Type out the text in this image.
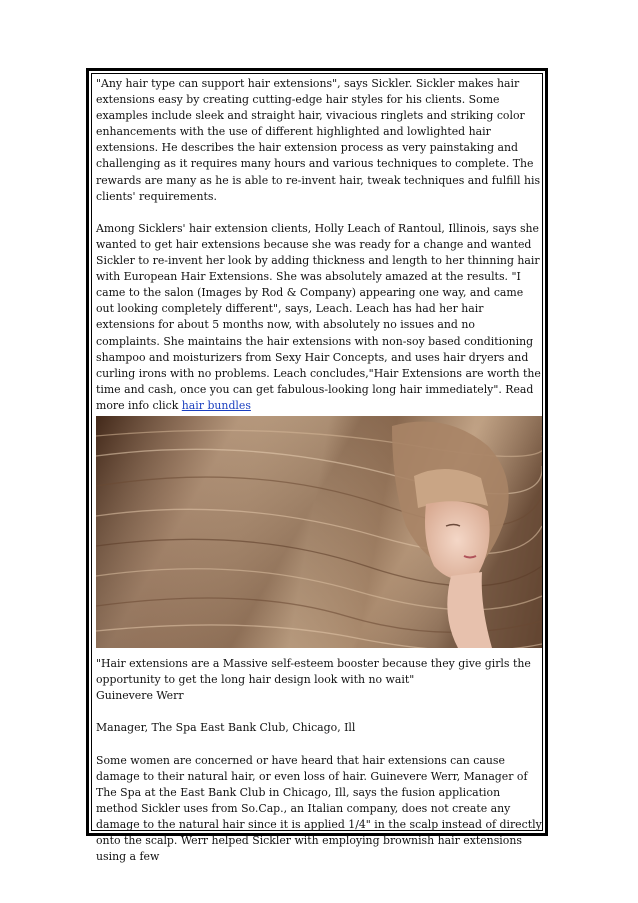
"Any hair type can support hair extensions", says Sickler. Sickler makes hair extensions easy by creating cutting-edge hair styles for his clients. Some examples include sleek and straight hair, vivacious ringlets and striking color enhancements with the use of different highlighted and lowlighted hair extensions. He describes the hair extension process as very painstaking and challenging as it requires many hours and various techniques to complete. The rewards are many as he is able to re-invent hair, tweak techniques and fulfill his clients' requirements.

Among Sicklers' hair extension clients, Holly Leach of Rantoul, Illinois, says she wanted to get hair extensions because she was ready for a change and wanted Sickler to re-invent her look by adding thickness and length to her thinning hair with European Hair Extensions. She was absolutely amazed at the results. "I came to the salon (Images by Rod & Company) appearing one way, and came out looking completely different", says, Leach. Leach has had her hair extensions for about 5 months now, with absolutely no issues and no complaints. She maintains the hair extensions with non-soy based conditioning shampoo and moisturizers from Sexy Hair Concepts, and uses hair dryers and curling irons with no problems. Leach concludes,"Hair Extensions are worth the time and cash, once you can get fabulous-looking long hair immediately". Read more info click hair bundles

"Hair extensions are a Massive self-esteem booster because they give girls the opportunity to get the long hair design look with no wait"

Guinevere Werr

Manager, The Spa East Bank Club, Chicago, Ill

Some women are concerned or have heard that hair extensions can cause damage to their natural hair, or even loss of hair. Guinevere Werr, Manager of The Spa at the East Bank Club in Chicago, Ill, says the fusion application method Sickler uses from So.Cap., an Italian company, does not create any damage to the natural hair since it is applied 1/4" in the scalp instead of directly onto the scalp. Werr helped Sickler with employing brownish hair extensions using a few
